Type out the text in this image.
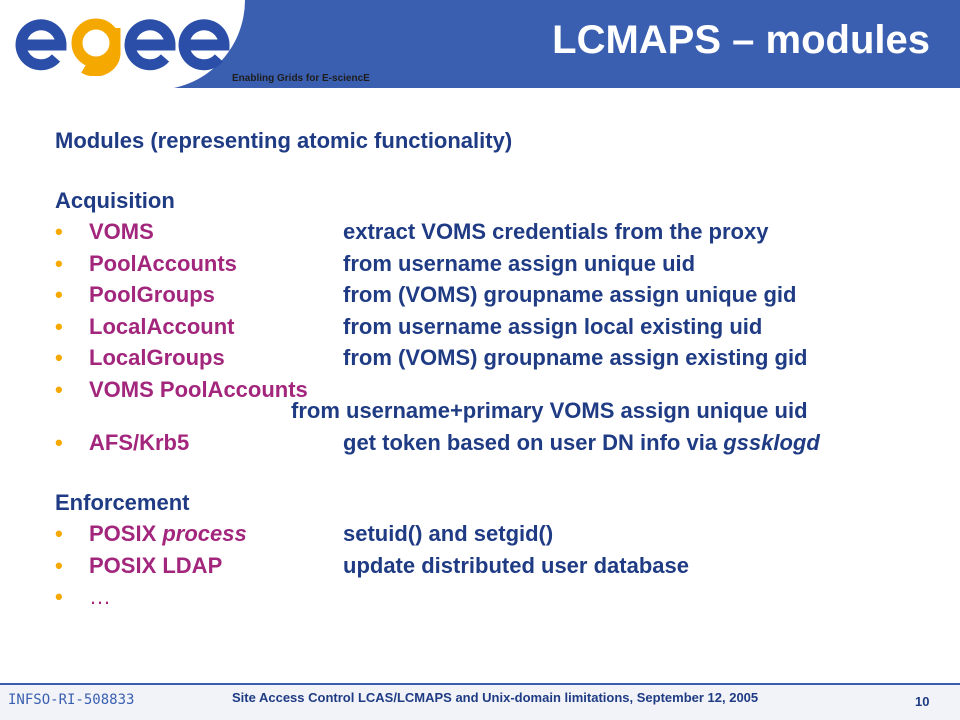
Enabling Grids for E-sciencE
LCMAPS – modules
Modules (representing atomic functionality)
Acquisition
• VOMS	extract VOMS credentials from the proxy
• PoolAccounts	from username assign unique uid
• PoolGroups	from (VOMS) groupname assign unique gid
• LocalAccount	from username assign local existing uid
• LocalGroups	from (VOMS) groupname assign existing gid
• VOMS PoolAccounts
from username+primary VOMS assign unique uid
• AFS/Krb5	get token based on user DN info via gssklogd
Enforcement
• POSIX process	setuid() and setgid()
• POSIX LDAP	update distributed user database
• …
INFSO-RI-508833	Site Access Control LCAS/LCMAPS and Unix-domain limitations, September 12, 2005	10
